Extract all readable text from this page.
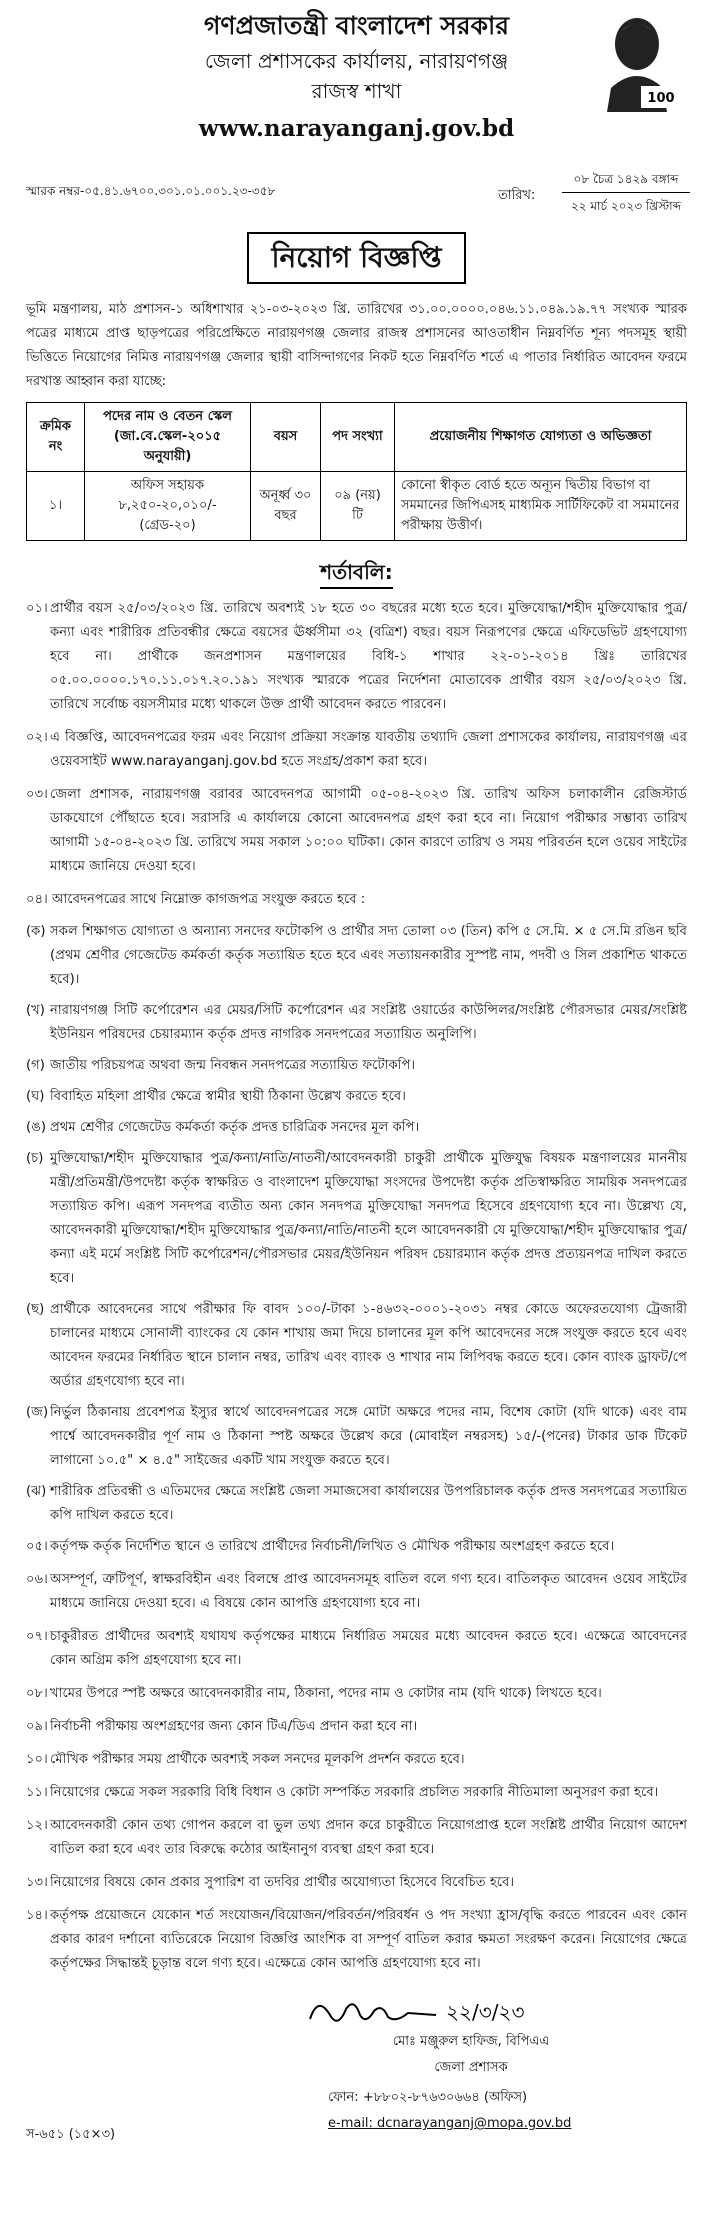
গণপ্রজাতন্ত্রী বাংলাদেশ সরকার
জেলা প্রশাসকের কার্যালয়, নারায়ণগঞ্জ
রাজস্ব শাখা
www.narayanganj.gov.bd
100
স্মারক নম্বর-০৫.৪১.৬৭০০.৩০১.০১.০০১.২৩-৩৫৮	তারিখ:
০৮ চৈত্র ১৪২৯ বঙ্গাব্দ
২২ মার্চ ২০২৩ খ্রিস্টাব্দ
নিয়োগ বিজ্ঞপ্তি

ভূমি মন্ত্রণালয়, মাঠ প্রশাসন-১ অধিশাখার ২১-০৩-২০২৩ খ্রি. তারিখের ৩১.০০.০০০০.০৪৬.১১.০৪৯.১৯.৭৭ সংখ্যক স্মারক পত্রের মাধ্যমে প্রাপ্ত ছাড়পত্রের পরিপ্রেক্ষিতে নারায়ণগঞ্জ জেলার রাজস্ব প্রশাসনের আওতাধীন নিম্নবর্ণিত শূন্য পদসমূহ স্থায়ী ভিত্তিতে নিয়োগের নিমিত্ত নারায়ণগঞ্জ জেলার স্থায়ী বাসিন্দাগণের নিকট হতে নিম্নবর্ণিত শর্তে এ পাতার নির্ধারিত আবেদন ফরমে দরখাস্ত আহ্বান করা যাচ্ছে:

ক্রমিক নং	পদের নাম ও বেতন স্কেল (জা.বে.স্কেল-২০১৫ অনুযায়ী)	বয়স	পদ সংখ্যা	প্রয়োজনীয় শিক্ষাগত যোগ্যতা ও অভিজ্ঞতা
১।	অফিস সহায়ক
৮,২৫০-২০,০১০/-
(গ্রেড-২০)	অনূর্ধ্ব ৩০ বছর	০৯ (নয়) টি	কোনো স্বীকৃত বোর্ড হতে অন্যূন দ্বিতীয় বিভাগ বা সমমানের জিপিএসহ মাধ্যমিক সার্টিফিকেট বা সমমানের পরীক্ষায় উত্তীর্ণ।
শর্তাবলি:
০১। প্রার্থীর বয়স ২৫/০৩/২০২৩ খ্রি. তারিখে অবশ্যই ১৮ হতে ৩০ বছরের মধ্যে হতে হবে। মুক্তিযোদ্ধা/শহীদ মুক্তিযোদ্ধার পুত্র/কন্যা এবং শারীরিক প্রতিবন্ধীর ক্ষেত্রে বয়সের ঊর্ধ্বসীমা ৩২ (বত্রিশ) বছর। বয়স নিরূপণের ক্ষেত্রে এফিডেভিট গ্রহণযোগ্য হবে না। প্রার্থীকে জনপ্রশাসন মন্ত্রণালয়ের বিধি-১ শাখার ২২-০১-২০১৪ খ্রিঃ তারিখের ০৫.০০.০০০০.১৭০.১১.০১৭.২০.১৯১ সংখ্যক স্মারকে পত্রের নির্দেশনা মোতাবেক প্রার্থীর বয়স ২৫/০৩/২০২৩ খ্রি. তারিখে সর্বোচ্চ বয়সসীমার মধ্যে থাকলে উক্ত প্রার্থী আবেদন করতে পারবেন।
০২। এ বিজ্ঞপ্তি, আবেদনপত্রের ফরম এবং নিয়োগ প্রক্রিয়া সংক্রান্ত যাবতীয় তথ্যাদি জেলা প্রশাসকের কার্যালয়, নারায়ণগঞ্জ এর ওয়েবসাইট www.narayanganj.gov.bd হতে সংগ্রহ/প্রকাশ করা হবে।
০৩। জেলা প্রশাসক, নারায়ণগঞ্জ বরাবর আবেদনপত্র আগামী ০৫-০৪-২০২৩ খ্রি. তারিখ অফিস চলাকালীন রেজিস্টার্ড ডাকযোগে পৌঁছাতে হবে। সরাসরি এ কার্যালয়ে কোনো আবেদনপত্র গ্রহণ করা হবে না। নিয়োগ পরীক্ষার সম্ভাব্য তারিখ আগামী ১৫-০৪-২০২৩ খ্রি. তারিখে সময় সকাল ১০:০০ ঘটিকা। কোন কারণে তারিখ ও সময় পরিবর্তন হলে ওয়েব সাইটের মাধ্যমে জানিয়ে দেওয়া হবে।
০৪। আবেদনপত্রের সাথে নিম্নোক্ত কাগজপত্র সংযুক্ত করতে হবে :
(ক) সকল শিক্ষাগত যোগ্যতা ও অন্যান্য সনদের ফটোকপি ও প্রার্থীর সদ্য তোলা ০৩ (তিন) কপি ৫ সে.মি. × ৫ সে.মি রঙিন ছবি (প্রথম শ্রেণীর গেজেটেড কর্মকর্তা কর্তৃক সত্যায়িত হতে হবে এবং সত্যায়নকারীর সুস্পষ্ট নাম, পদবী ও সিল প্রকাশিত থাকতে হবে)।
(খ) নারায়ণগঞ্জ সিটি কর্পোরেশন এর মেয়র/সিটি কর্পোরেশন এর সংশ্লিষ্ট ওয়ার্ডের কাউন্সিলর/সংশ্লিষ্ট পৌরসভার মেয়র/সংশ্লিষ্ট ইউনিয়ন পরিষদের চেয়ারম্যান কর্তৃক প্রদত্ত নাগরিক সনদপত্রের সত্যায়িত অনুলিপি।
(গ) জাতীয় পরিচয়পত্র অথবা জন্ম নিবন্ধন সনদপত্রের সত্যায়িত ফটোকপি।
(ঘ) বিবাহিত মহিলা প্রার্থীর ক্ষেত্রে স্বামীর স্থায়ী ঠিকানা উল্লেখ করতে হবে।
(ঙ) প্রথম শ্রেণীর গেজেটেড কর্মকর্তা কর্তৃক প্রদত্ত চারিত্রিক সনদের মূল কপি।
(চ) মুক্তিযোদ্ধা/শহীদ মুক্তিযোদ্ধার পুত্র/কন্যা/নাতি/নাতনী/আবেদনকারী চাকুরী প্রার্থীকে মুক্তিযুদ্ধ বিষয়ক মন্ত্রণালয়ের মাননীয় মন্ত্রী/প্রতিমন্ত্রী/উপদেষ্টা কর্তৃক স্বাক্ষরিত ও বাংলাদেশ মুক্তিযোদ্ধা সংসদের উপদেষ্টা কর্তৃক প্রতিস্বাক্ষরিত সাময়িক সনদপত্রের সত্যায়িত কপি। এরূপ সনদপত্র ব্যতীত অন্য কোন সনদপত্র মুক্তিযোদ্ধা সনদপত্র হিসেবে গ্রহণযোগ্য হবে না। উল্লেখ্য যে, আবেদনকারী মুক্তিযোদ্ধা/শহীদ মুক্তিযোদ্ধার পুত্র/কন্যা/নাতি/নাতনী হলে আবেদনকারী যে মুক্তিযোদ্ধা/শহীদ মুক্তিযোদ্ধার পুত্র/কন্যা এই মর্মে সংশ্লিষ্ট সিটি কর্পোরেশন/পৌরসভার মেয়র/ইউনিয়ন পরিষদ চেয়ারম্যান কর্তৃক প্রদত্ত প্রত্যয়নপত্র দাখিল করতে হবে।
(ছ) প্রার্থীকে আবেদনের সাথে পরীক্ষার ফি বাবদ ১০০/-টাকা ১-৪৬৩২-০০০১-২০৩১ নম্বর কোডে অফেরতযোগ্য ট্রেজারী চালানের মাধ্যমে সোনালী ব্যাংকের যে কোন শাখায় জমা দিয়ে চালানের মূল কপি আবেদনের সঙ্গে সংযুক্ত করতে হবে এবং আবেদন ফরমের নির্ধারিত স্থানে চালান নম্বর, তারিখ এবং ব্যাংক ও শাখার নাম লিপিবদ্ধ করতে হবে। কোন ব্যাংক ড্রাফট/পে অর্ডার গ্রহণযোগ্য হবে না।
(জ) নির্ভুল ঠিকানায় প্রবেশপত্র ইস্যুর স্বার্থে আবেদনপত্রের সঙ্গে মোটা অক্ষরে পদের নাম, বিশেষ কোটা (যদি থাকে) এবং বাম পার্শ্বে আবেদনকারীর পূর্ণ নাম ও ঠিকানা স্পষ্ট অক্ষরে উল্লেখ করে (মোবাইল নম্বরসহ) ১৫/-(পনের) টাকার ডাক টিকেট লাগানো ১০.৫" × ৪.৫" সাইজের একটি খাম সংযুক্ত করতে হবে।
(ঝ) শারীরিক প্রতিবন্ধী ও এতিমদের ক্ষেত্রে সংশ্লিষ্ট জেলা সমাজসেবা কার্যালয়ের উপপরিচালক কর্তৃক প্রদত্ত সনদপত্রের সত্যায়িত কপি দাখিল করতে হবে।
০৫। কর্তৃপক্ষ কর্তৃক নির্দেশিত স্থানে ও তারিখে প্রার্থীদের নির্বাচনী/লিখিত ও মৌখিক পরীক্ষায় অংশগ্রহণ করতে হবে।
০৬। অসম্পূর্ণ, ত্রুটিপূর্ণ, স্বাক্ষরবিহীন এবং বিলম্বে প্রাপ্ত আবেদনসমূহ বাতিল বলে গণ্য হবে। বাতিলকৃত আবেদন ওয়েব সাইটের মাধ্যমে জানিয়ে দেওয়া হবে। এ বিষয়ে কোন আপত্তি গ্রহণযোগ্য হবে না।
০৭। চাকুরীরত প্রার্থীদের অবশ্যই যথাযথ কর্তৃপক্ষের মাধ্যমে নির্ধারিত সময়ের মধ্যে আবেদন করতে হবে। এক্ষেত্রে আবেদনের কোন অগ্রিম কপি গ্রহণযোগ্য হবে না।
০৮। খামের উপরে স্পষ্ট অক্ষরে আবেদনকারীর নাম, ঠিকানা, পদের নাম ও কোটার নাম (যদি থাকে) লিখতে হবে।
০৯। নির্বাচনী পরীক্ষায় অংশগ্রহণের জন্য কোন টিএ/ডিএ প্রদান করা হবে না।
১০। মৌখিক পরীক্ষার সময় প্রার্থীকে অবশ্যই সকল সনদের মূলকপি প্রদর্শন করতে হবে।
১১। নিয়োগের ক্ষেত্রে সকল সরকারি বিধি বিধান ও কোটা সম্পর্কিত সরকারি প্রচলিত সরকারি নীতিমালা অনুসরণ করা হবে।
১২। আবেদনকারী কোন তথ্য গোপন করলে বা ভুল তথ্য প্রদান করে চাকুরীতে নিয়োগপ্রাপ্ত হলে সংশ্লিষ্ট প্রার্থীর নিয়োগ আদেশ বাতিল করা হবে এবং তার বিরুদ্ধে কঠোর আইনানুগ ব্যবস্থা গ্রহণ করা হবে।
১৩। নিয়োগের বিষয়ে কোন প্রকার সুপারিশ বা তদবির প্রার্থীর অযোগ্যতা হিসেবে বিবেচিত হবে।
১৪। কর্তৃপক্ষ প্রয়োজনে যেকোন শর্ত সংযোজন/বিয়োজন/পরিবর্তন/পরিবর্ধন ও পদ সংখ্যা হ্রাস/বৃদ্ধি করতে পারবেন এবং কোন প্রকার কারণ দর্শানো ব্যতিরেকে নিয়োগ বিজ্ঞপ্তি আংশিক বা সম্পূর্ণ বাতিল করার ক্ষমতা সংরক্ষণ করেন। নিয়োগের ক্ষেত্রে কর্তৃপক্ষের সিদ্ধান্তই চূড়ান্ত বলে গণ্য হবে। এক্ষেত্রে কোন আপত্তি গ্রহণযোগ্য হবে না।
২২/৩/২৩
মোঃ মঞ্জুরুল হাফিজ, বিপিএএ
জেলা প্রশাসক
ফোন: +৮৮০২-৮৭৬৩০৬৬৪ (অফিস)
e-mail: dcnarayanganj@mopa.gov.bd
স-৬৫১ (১৫×৩)
